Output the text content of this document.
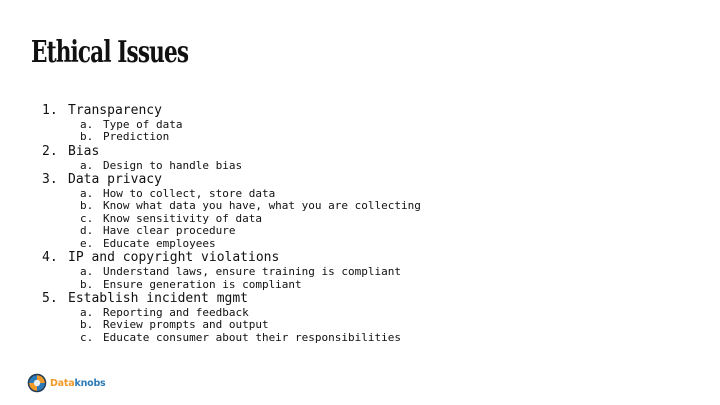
Ethical Issues
1. Transparency
a. Type of data
b. Prediction
2. Bias
a. Design to handle bias
3. Data privacy
a. How to collect, store data
b. Know what data you have, what you are collecting
c. Know sensitivity of data
d. Have clear procedure
e. Educate employees
4. IP and copyright violations
a. Understand laws, ensure training is compliant
b. Ensure generation is compliant
5. Establish incident mgmt
a. Reporting and feedback
b. Review prompts and output
c. Educate consumer about their responsibilities
Dataknobs
